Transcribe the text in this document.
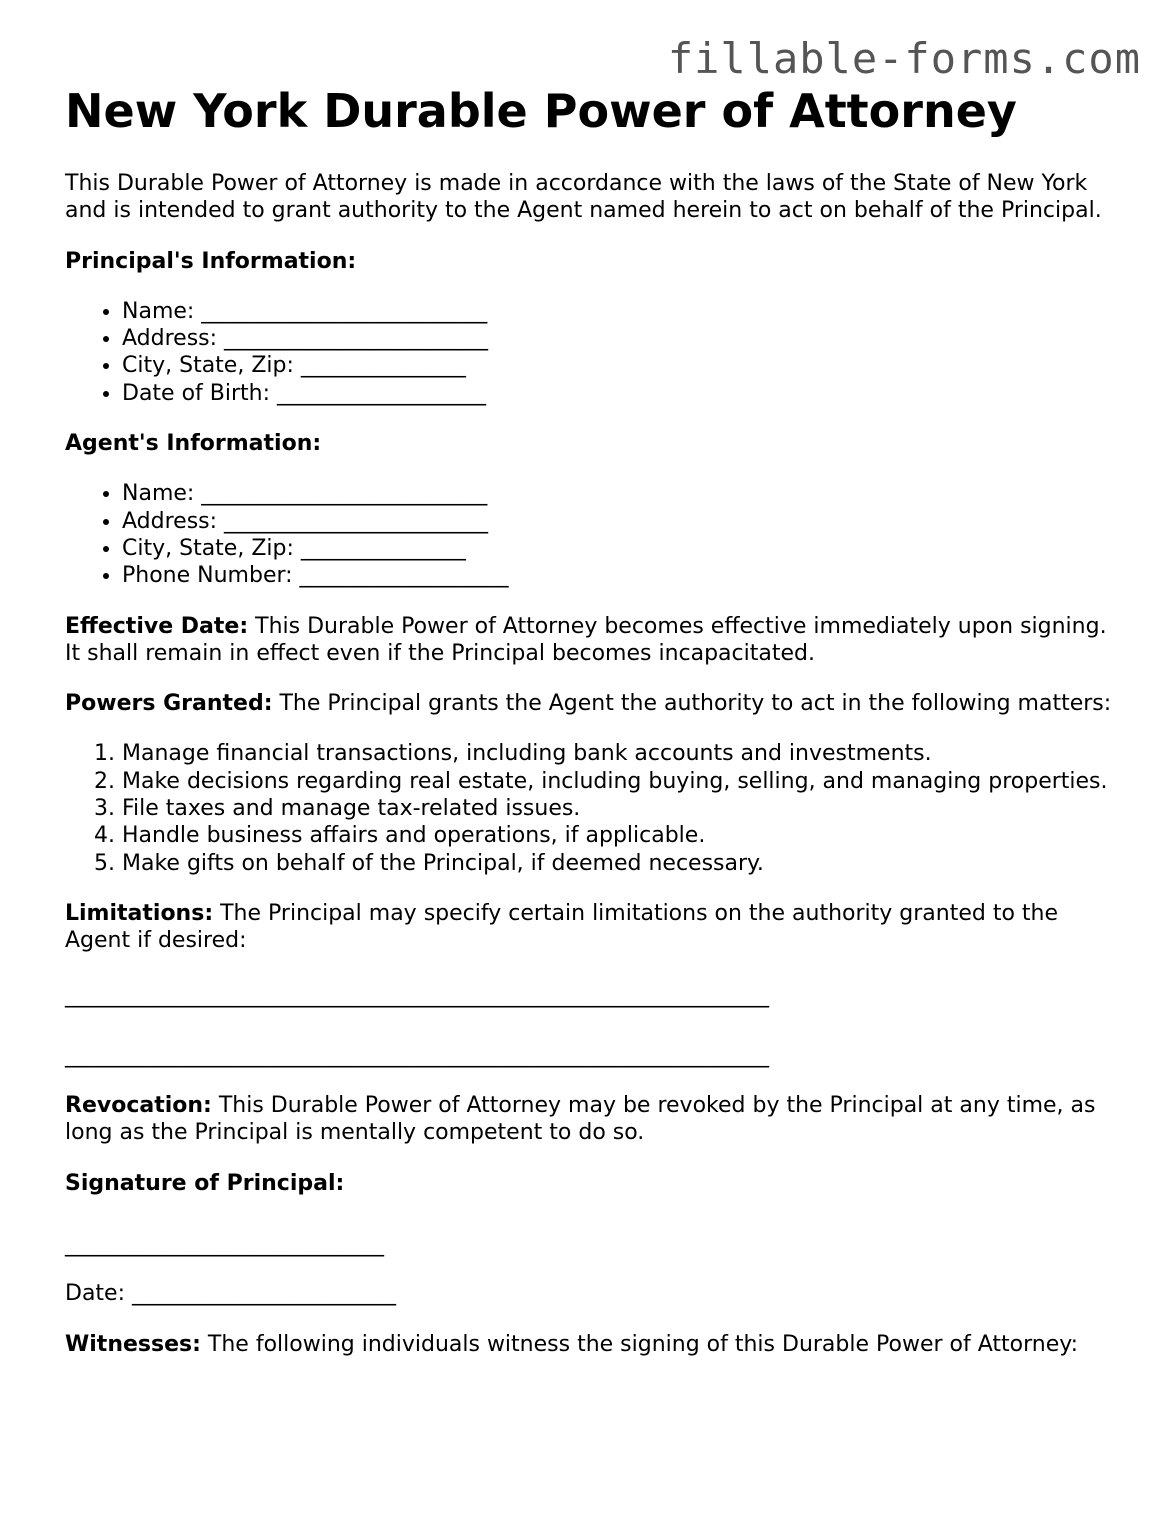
fillable-forms.com
New York Durable Power of Attorney

This Durable Power of Attorney is made in accordance with the laws of the State of New York and is intended to grant authority to the Agent named herein to act on behalf of the Principal.

Principal's Information:

• Name: __________________________
• Address: ________________________
• City, State, Zip: _______________
• Date of Birth: ___________________

Agent's Information:

• Name: __________________________
• Address: ________________________
• City, State, Zip: _______________
• Phone Number: ___________________

Effective Date: This Durable Power of Attorney becomes effective immediately upon signing. It shall remain in effect even if the Principal becomes incapacitated.

Powers Granted: The Principal grants the Agent the authority to act in the following matters:

1. Manage financial transactions, including bank accounts and investments.
2. Make decisions regarding real estate, including buying, selling, and managing properties.
3. File taxes and manage tax-related issues.
4. Handle business affairs and operations, if applicable.
5. Make gifts on behalf of the Principal, if deemed necessary.

Limitations: The Principal may specify certain limitations on the authority granted to the Agent if desired:

________________________________________________________________
________________________________________________________________

Revocation: This Durable Power of Attorney may be revoked by the Principal at any time, as long as the Principal is mentally competent to do so.

Signature of Principal:

_____________________________

Date: ________________________

Witnesses: The following individuals witness the signing of this Durable Power of Attorney:
